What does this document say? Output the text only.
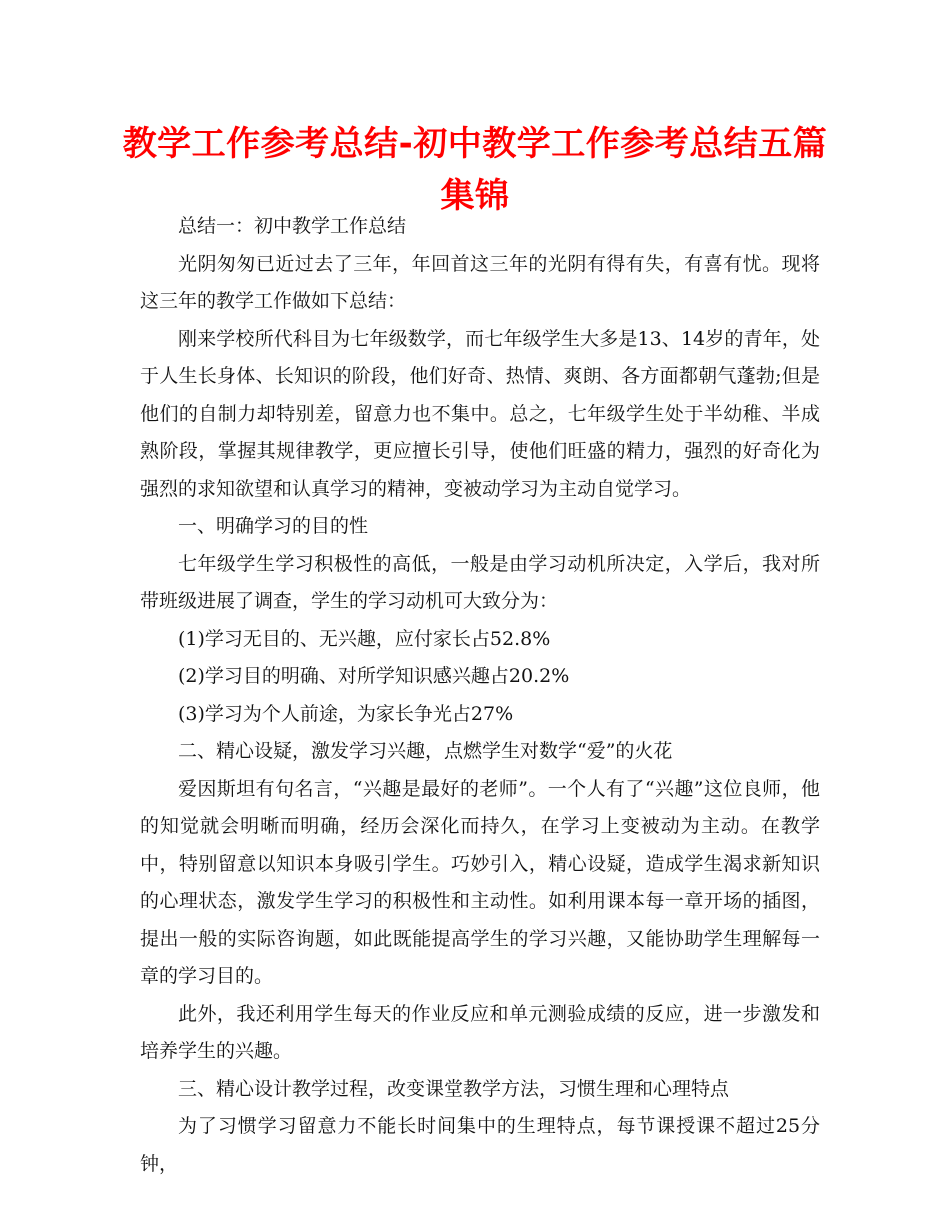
教学工作参考总结-初中教学工作参考总结五篇集锦

总结一：初中教学工作总结

光阴匆匆已近过去了三年，年回首这三年的光阴有得有失，有喜有忧。现将这三年的教学工作做如下总结：

刚来学校所代科目为七年级数学，而七年级学生大多是13、14岁的青年，处于人生长身体、长知识的阶段，他们好奇、热情、爽朗、各方面都朝气蓬勃;但是他们的自制力却特别差，留意力也不集中。总之，七年级学生处于半幼稚、半成熟阶段，掌握其规律教学，更应擅长引导，使他们旺盛的精力，强烈的好奇化为强烈的求知欲望和认真学习的精神，变被动学习为主动自觉学习。

一、明确学习的目的性

七年级学生学习积极性的高低，一般是由学习动机所决定，入学后，我对所带班级进展了调查，学生的学习动机可大致分为：

(1)学习无目的、无兴趣，应付家长占52.8%

(2)学习目的明确、对所学知识感兴趣占20.2%

(3)学习为个人前途，为家长争光占27%

二、精心设疑，激发学习兴趣，点燃学生对数学“爱”的火花

爱因斯坦有句名言，“兴趣是最好的老师”。一个人有了“兴趣”这位良师，他的知觉就会明晰而明确，经历会深化而持久，在学习上变被动为主动。在教学中，特别留意以知识本身吸引学生。巧妙引入，精心设疑，造成学生渴求新知识的心理状态，激发学生学习的积极性和主动性。如利用课本每一章开场的插图，提出一般的实际咨询题，如此既能提高学生的学习兴趣，又能协助学生理解每一章的学习目的。

此外，我还利用学生每天的作业反应和单元测验成绩的反应，进一步激发和培养学生的兴趣。

三、精心设计教学过程，改变课堂教学方法，习惯生理和心理特点

为了习惯学习留意力不能长时间集中的生理特点，每节课授课不超过25分钟，
